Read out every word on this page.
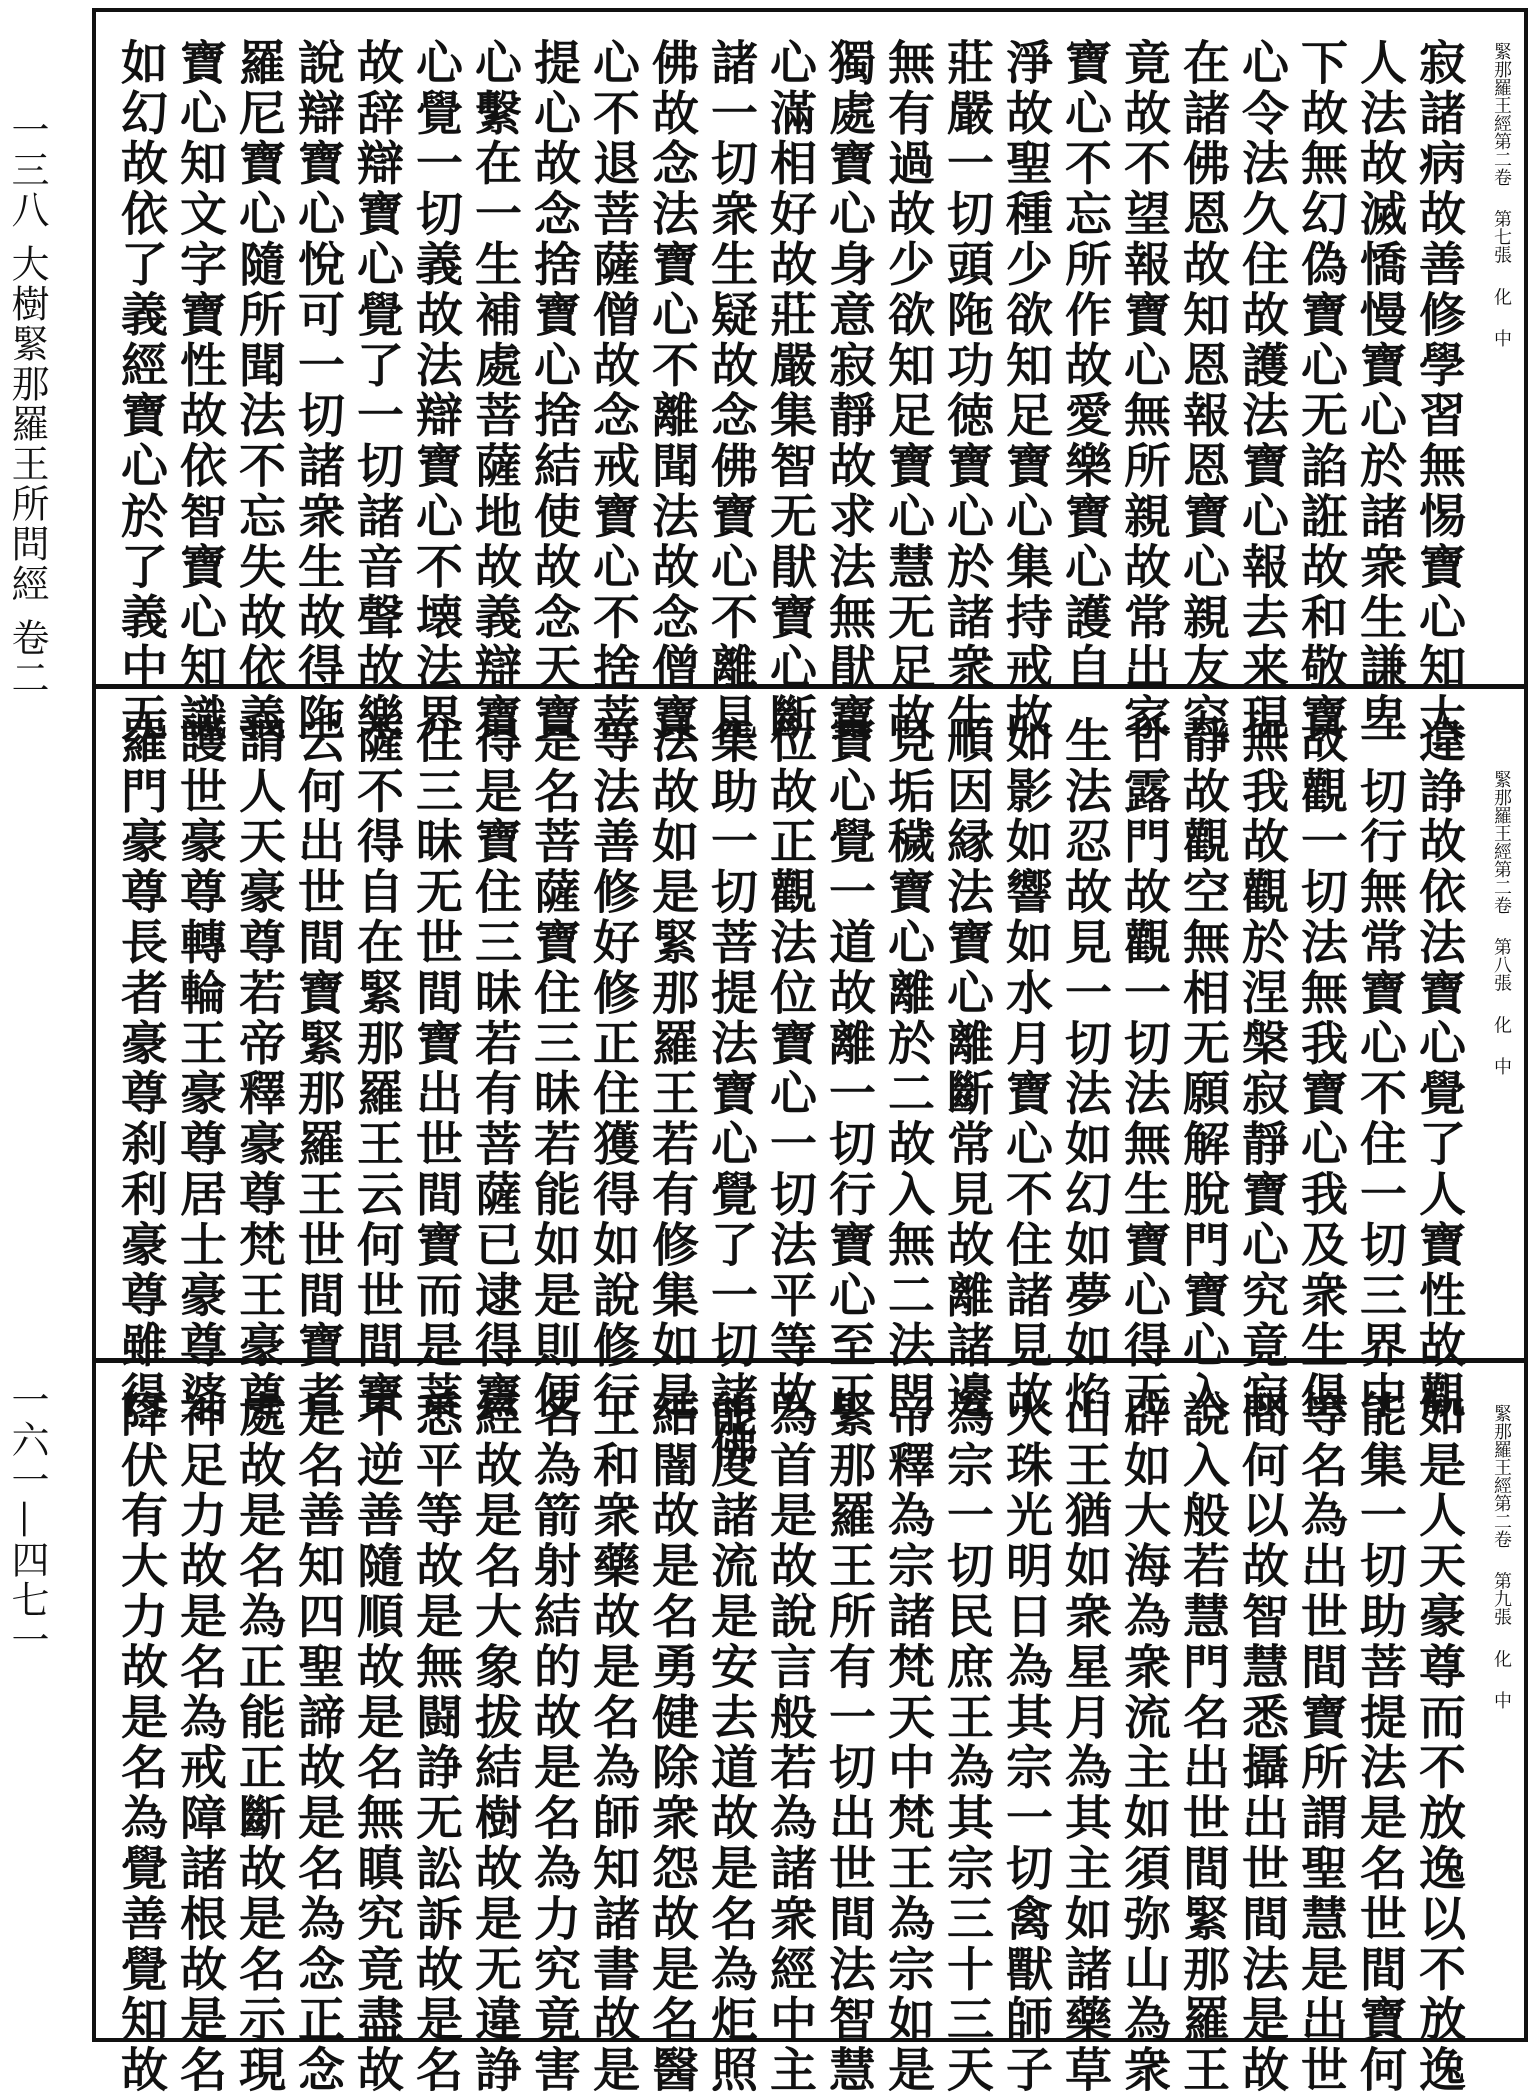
一三八 大樹緊那羅王所問經 卷二
一六一—四七一
緊那羅王經第二卷 第七張 化 中
寂諸病故善修學習無惕寶心知大
人法故滅憍慢寶心於諸衆生謙卑
下故無幻偽寶心无諂誑故和敬寶
心令法久住故護法寶心報去来現
在諸佛恩故知恩報恩寶心親友究
竟故不望報寶心無所親故常出家
寶心不忘所作故愛樂寶心護自
淨故聖種少欲知足寶心集持戒故
莊嚴一切頭陁功徳寶心於諸衆生
無有過故少欲知足寶心慧无足故
獨處寶心身意寂靜故求法無猒寶
心滿相好故莊嚴集智无猒寶心斷
諸一切衆生疑故念佛寶心不離見
佛故念法寶心不離聞法故念僧寶
心不退菩薩僧故念戒寶心不捨菩
提心故念捨寶心捨結使故念天寶
心繫在一生補處菩薩地故義辯寶
心覺一切義故法辯寶心不壊法界
故辞辯寶心覺了一切諸音聲故樂
說辯寶心悅可一切諸衆生故得陁
羅尼寶心隨所聞法不忘失故依義
寶心知文字寶性故依智寶心知識
如幻故依了義經寶心於了義中无
緊那羅王經第二卷 第八張 化 中
違諍故依法寶心覺了人寶性故觀
一切行無常寶心不住一切三界中
故觀一切法無我寶心我及衆生俱
無我故觀於涅槃寂靜寶心究竟寂
靜故觀空無相无願解脫門寶心入
甘露門故觀一切法無生寶心得无
生法忍故見一切法如幻如夢如焰
如影如響如水月寶心不住諸見故
順因縁法寶心離斷常見故離諸邊
見垢穢寶心離於二故入無二法門
寶心覺一道故離一切行寶心至正
位故正觀法位寶心一切法平等故
集助一切菩提法寶心覺了一切諸佛
法故如是緊那羅王若有修集如是
等法善修好修正住獲得如說修行
是名菩薩寶住三昧若能如是則便
得是寶住三昧若有菩薩已逮得寶
住三昧无世間寶出世間寶而是菩
薩不得自在緊那羅王云何世間寶
云何出世間寶緊那羅王世間寶者
謂人天豪尊若帝釋豪尊梵王豪尊
護世豪尊轉輪王豪尊居士豪尊婆
羅門豪尊長者豪尊刹利豪尊雖得
緊那羅王經第二卷 第九張 化 中
如是人天豪尊而不放逸以不放逸
能集一切助菩提法是名世間寶何
等名為出世間寶所謂聖慧是出世
間何以故智慧悉攝出世間法是故
說入般若慧門名出世間緊那羅王
辟如大海為衆流主如須弥山為衆
山王猶如衆星月為其主如諸藥草
火珠光明日為其宗一切禽獸師子
為宗一切民庶王為其宗三十三天
帝釋為宗諸梵天中梵王為宗如是
緊那羅王所有一切出世間法智慧
為首是故說言般若為諸衆經中主
能度諸流是安去道故是名為炬照
結闇故是名勇健除衆怨故是名醫
王和衆藥故是名為師知諸書故是
名為箭射結的故是名為力究竟害
經故是名大象拔結樹故是无違諍
悉平等故是無闘諍无訟訴故是名
不逆善隨順故是名無瞋究竟盡故
是名善知四聖諦故是名為念正念
處故是名為正能正斷故是名示現
神足力故是名為戒障諸根故是名
降伏有大力故是名為覺善覺知故
